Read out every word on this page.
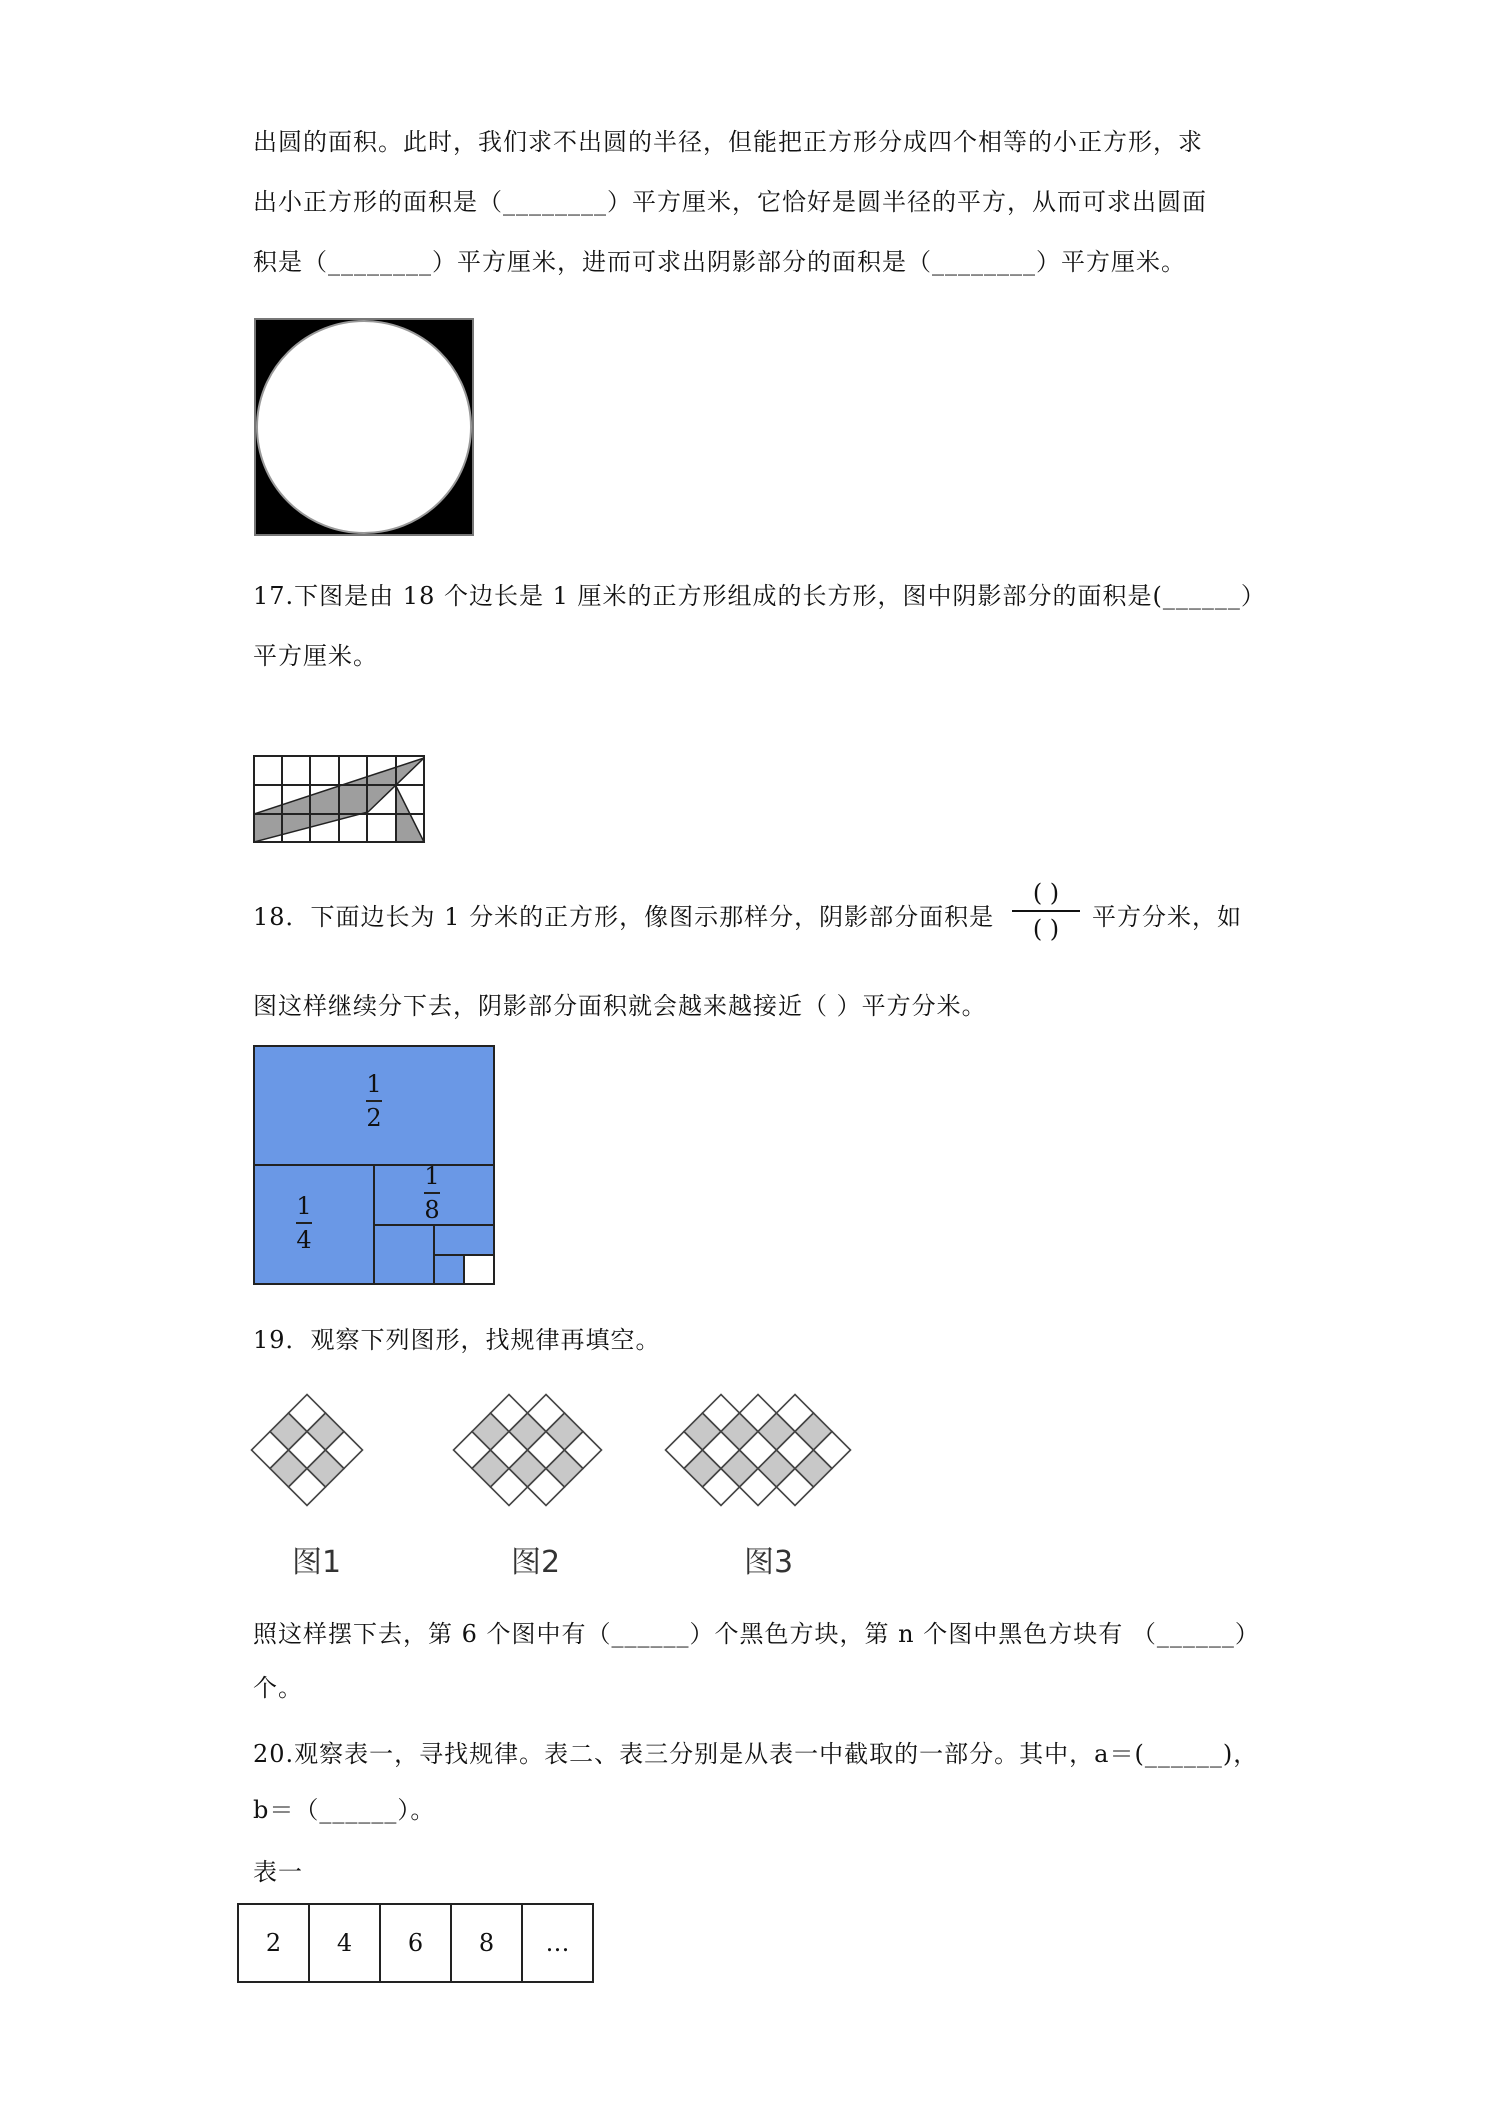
出圆的面积。此时，我们求不出圆的半径，但能把正方形分成四个相等的小正方形，求
出小正方形的面积是（________）平方厘米，它恰好是圆半径的平方，从而可求出圆面
积是（________）平方厘米，进而可求出阴影部分的面积是（________）平方厘米。
17.下图是由 18 个边长是 1 厘米的正方形组成的长方形，图中阴影部分的面积是(______）
平方厘米。
18．下面边长为 1 分米的正方形，像图示那样分，阴影部分面积是
( )
( )	平方分米，如
图这样继续分下去，阴影部分面积就会越来越接近（ ）平方分米。
1
2
1
4
1
8
19．观察下列图形，找规律再填空。
图1	图2	图3
照这样摆下去，第 6 个图中有（______）个黑色方块，第 n 个图中黑色方块有 （______）
个。
20.观察表一，寻找规律。表二、表三分别是从表一中截取的一部分。其中，a＝(______)，
b＝（______）。
表一
2	4	6	8	…
